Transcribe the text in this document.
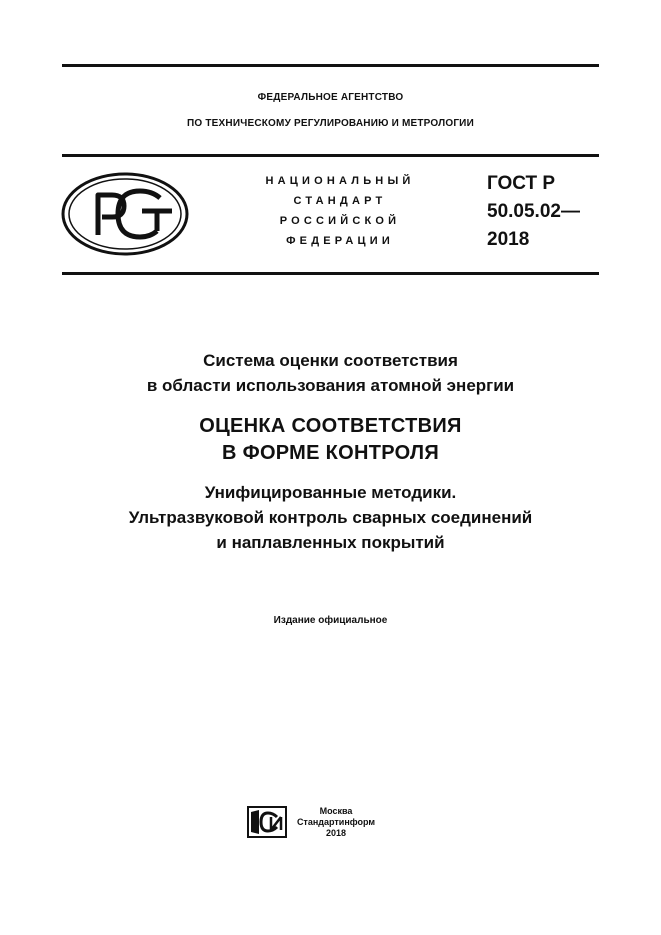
ФЕДЕРАЛЬНОЕ АГЕНТСТВО
ПО ТЕХНИЧЕСКОМУ РЕГУЛИРОВАНИЮ И МЕТРОЛОГИИ
НАЦИОНАЛЬНЫЙ
СТАНДАРТ
РОССИЙСКОЙ
ФЕДЕРАЦИИ
ГОСТ Р
50.05.02—
2018
Система оценки соответствия
в области использования атомной энергии
ОЦЕНКА СООТВЕТСТВИЯ
В ФОРМЕ КОНТРОЛЯ
Унифицированные методики.
Ультразвуковой контроль сварных соединений
и наплавленных покрытий
Издание официальное
Москва
Стандартинформ
2018
